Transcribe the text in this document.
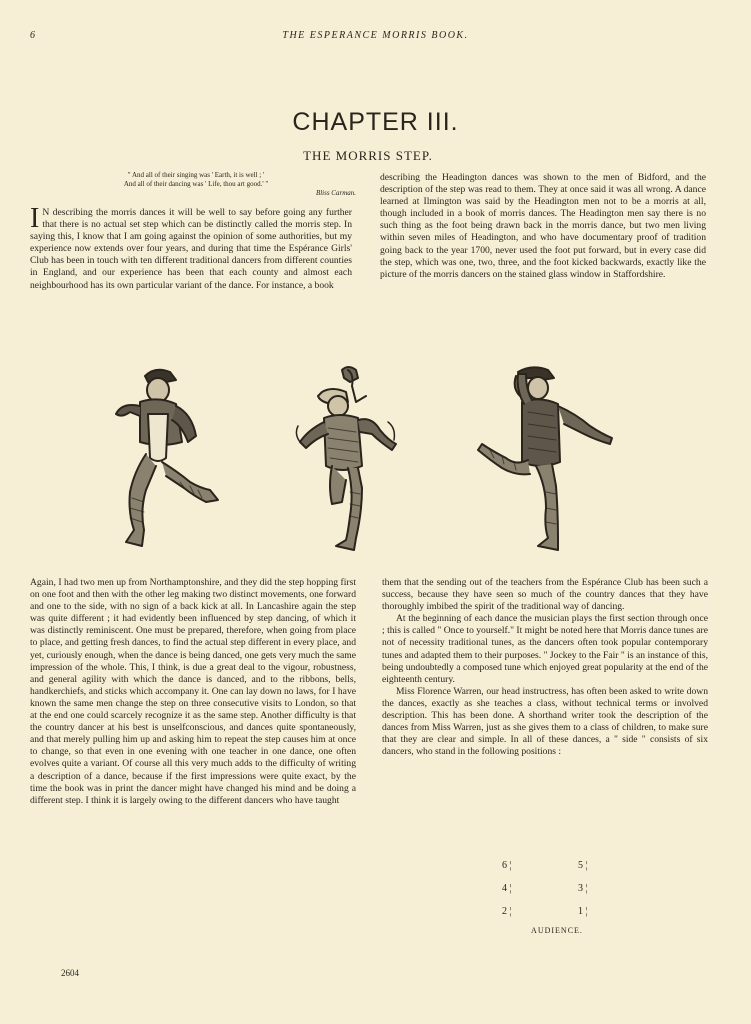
6	THE ESPERANCE MORRIS BOOK.
CHAPTER III.
THE MORRIS STEP.
" And all of their singing was ' Earth, it is well ; '
And all of their dancing was ' Life, thou art good.' "
Bliss Carman.

I N describing the morris dances it will be well to say before going any further that there is no actual set step which can be distinctly called the morris step. In saying this, I know that I am going against the opinion of some authorities, but my experience now extends over four years, and during that time the Espérance Girls' Club has been in touch with ten different traditional dancers from different counties in England, and our experience has been that each county and almost each neighbourhood has its own particular variant of the dance. For instance, a book

describing the Headington dances was shown to the men of Bidford, and the description of the step was read to them. They at once said it was all wrong. A dance learned at Ilmington was said by the Headington men not to be a morris at all, though included in a book of morris dances. The Headington men say there is no such thing as the foot being drawn back in the morris dance, but two men living within seven miles of Headington, and who have documentary proof of tradition going back to the year 1700, never used the foot put forward, but in every case did the step, which was one, two, three, and the foot kicked backwards, exactly like the picture of the morris dancers on the stained glass window in Staffordshire.

Again, I had two men up from Northamptonshire, and they did the step hopping first on one foot and then with the other leg making two distinct movements, one forward and one to the side, with no sign of a back kick at all. In Lancashire again the step was quite different ; it had evidently been influenced by step dancing, of which it was distinctly reminiscent. One must be prepared, therefore, when going from place to place, and getting fresh dances, to find the actual step different in every place, and yet, curiously enough, when the dance is being danced, one gets very much the same impression of the whole. This, I think, is due a great deal to the vigour, robustness, and general agility with which the dance is danced, and to the ribbons, bells, handkerchiefs, and sticks which accompany it. One can lay down no laws, for I have known the same men change the step on three consecutive visits to London, so that at the end one could scarcely recognize it as the same step. Another difficulty is that the country dancer at his best is unselfconscious, and dances quite spontaneously, and that merely pulling him up and asking him to repeat the step causes him at once to change, so that even in one evening with one teacher in one dance, one often evolves quite a variant. Of course all this very much adds to the difficulty of writing a description of a dance, because if the first impressions were quite exact, by the time the book was in print the dancer might have changed his mind and be doing a different step. I think it is largely owing to the different dancers who have taught

them that the sending out of the teachers from the Espérance Club has been such a success, because they have seen so much of the country dances that they have thoroughly imbibed the spirit of the traditional way of dancing.

At the beginning of each dance the musician plays the first section through once ; this is called " Once to yourself." It might be noted here that Morris dance tunes are not of necessity traditional tunes, as the dancers often took popular contemporary tunes and adapted them to their purposes. " Jockey to the Fair " is an instance of this, being undoubtedly a composed tune which enjoyed great popularity at the end of the eighteenth century.

Miss Florence Warren, our head instructress, has often been asked to write down the dances, exactly as she teaches a class, without technical terms or involved description. This has been done. A shorthand writer took the description of the dances from Miss Warren, just as she gives them to a class of children, to make sure that they are clear and simple. In all of these dances, a " side " consists of six dancers, who stand in the following positions :

6 ¦	5 ¦
4 ¦	3 ¦
2 ¦	1 ¦
AUDIENCE.
2604
